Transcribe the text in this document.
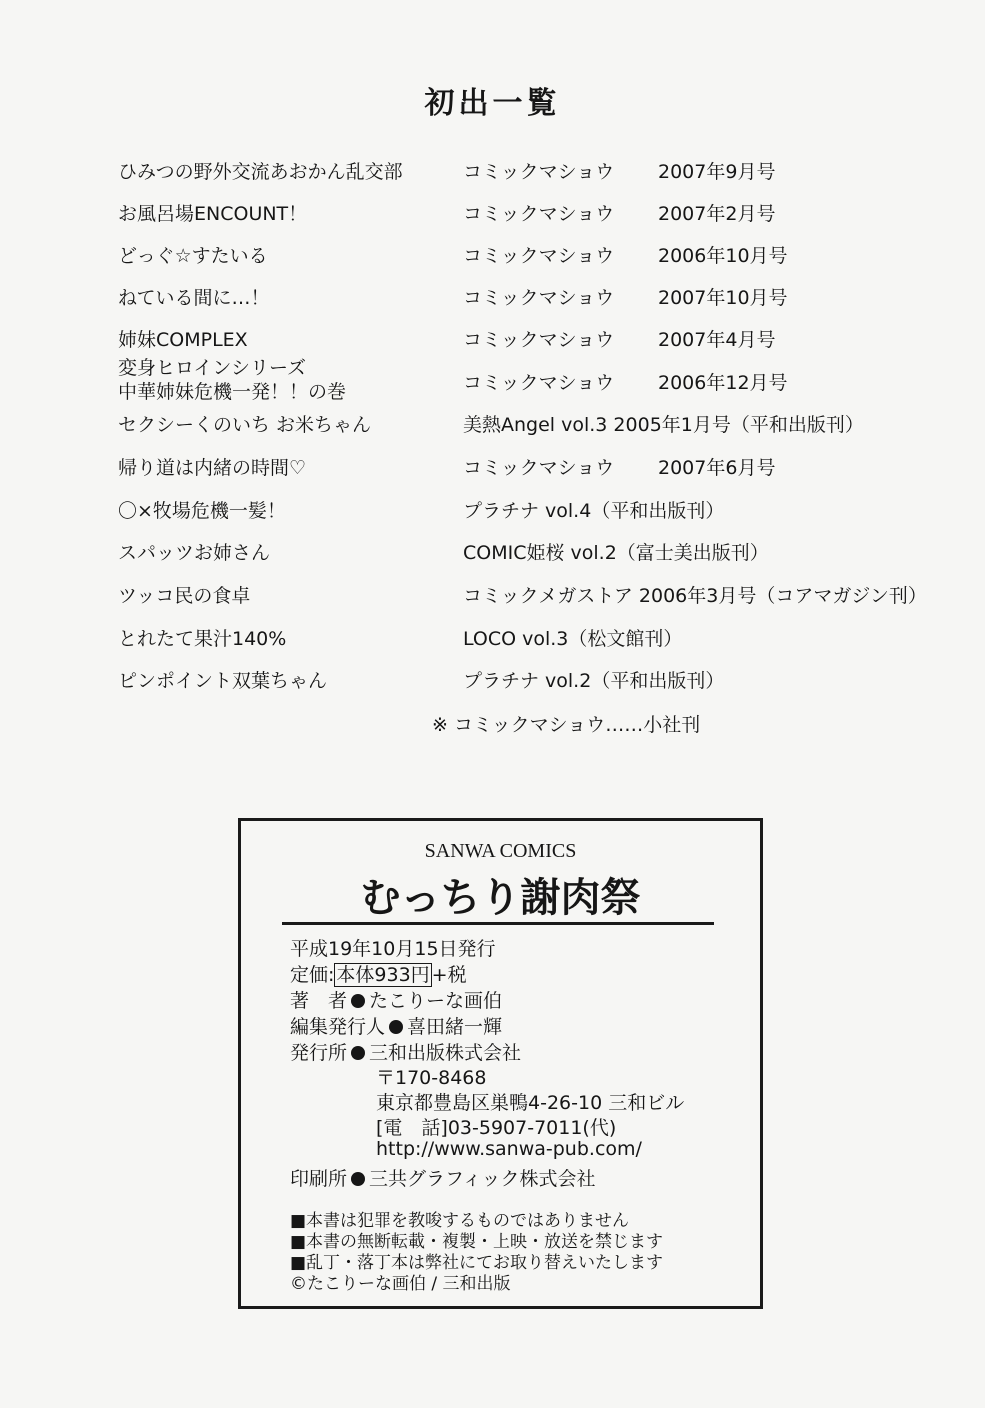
初出一覧
ひみつの野外交流あおかん乱交部	コミックマショウ 2007年9月号
お風呂場ENCOUNT！	コミックマショウ 2007年2月号
どっぐ☆すたいる	コミックマショウ 2006年10月号
ねている間に…！	コミックマショウ 2007年10月号
姉妹COMPLEX	コミックマショウ 2007年4月号
変身ヒロインシリーズ
中華姉妹危機一発！！の巻	コミックマショウ 2006年12月号
セクシーくのいち お米ちゃん	美熱Angel vol.3 2005年1月号（平和出版刊）
帰り道は内緒の時間♡	コミックマショウ 2007年6月号
〇×牧場危機一髪！	プラチナ vol.4（平和出版刊）
スパッツお姉さん	COMIC姫桜 vol.2（富士美出版刊）
ツッコ民の食卓	コミックメガストア 2006年3月号（コアマガジン刊）
とれたて果汁140%	LOCO vol.3（松文館刊）
ピンポイント双葉ちゃん	プラチナ vol.2（平和出版刊）
※ コミックマショウ……小社刊
SANWA COMICS
むっちり謝肉祭
平成19年10月15日発行
定価: 本体933円 +税
著　者 たこりーな画伯
編集発行人 喜田緒一輝
発行所 三和出版株式会社
〒170-8468
東京都豊島区巣鴨4-26-10 三和ビル
[電　話]03-5907-7011(代)
http://www.sanwa-pub.com/
印刷所 三共グラフィック株式会社
■本書は犯罪を教唆するものではありません
■本書の無断転載・複製・上映・放送を禁じます
■乱丁・落丁本は弊社にてお取り替えいたします
©たこりーな画伯 / 三和出版
